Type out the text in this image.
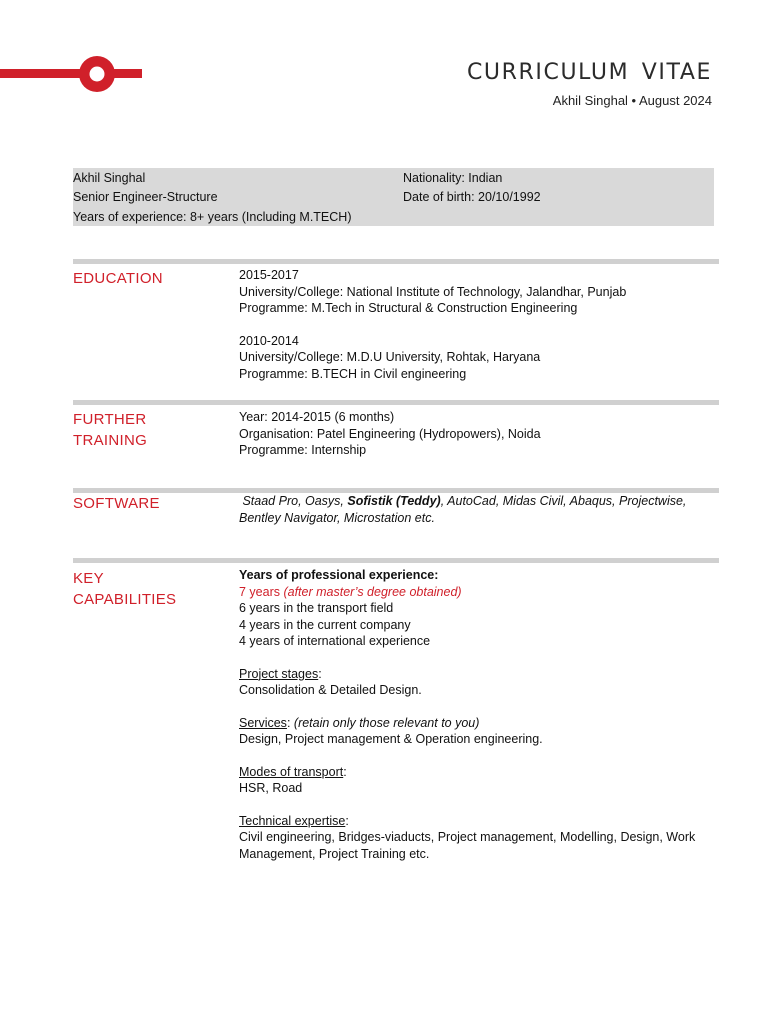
CURRICULUM VITAE
Akhil Singhal • August 2024
Akhil Singhal
Senior Engineer-Structure
Years of experience: 8+ years (Including M.TECH)
Nationality: Indian
Date of birth: 20/10/1992
EDUCATION	2015-2017
University/College: National Institute of Technology, Jalandhar, Punjab
Programme: M.Tech in Structural & Construction Engineering
2010-2014
University/College: M.D.U University, Rohtak, Haryana
Programme: B.TECH in Civil engineering
FURTHER
TRAINING
Year: 2014-2015 (6 months)
Organisation: Patel Engineering (Hydropowers), Noida
Programme: Internship
SOFTWARE	Staad Pro, Oasys, Sofistik (Teddy), AutoCad, Midas Civil, Abaqus, Projectwise,
Bentley Navigator, Microstation etc.
KEY
CAPABILITIES
Years of professional experience:
7 years (after master’s degree obtained)
6 years in the transport field
4 years in the current company
4 years of international experience
Project stages:
Consolidation & Detailed Design.
Services: (retain only those relevant to you)
Design, Project management & Operation engineering.
Modes of transport:
HSR, Road
Technical expertise:
Civil engineering, Bridges-viaducts, Project management, Modelling, Design, Work
Management, Project Training etc.
